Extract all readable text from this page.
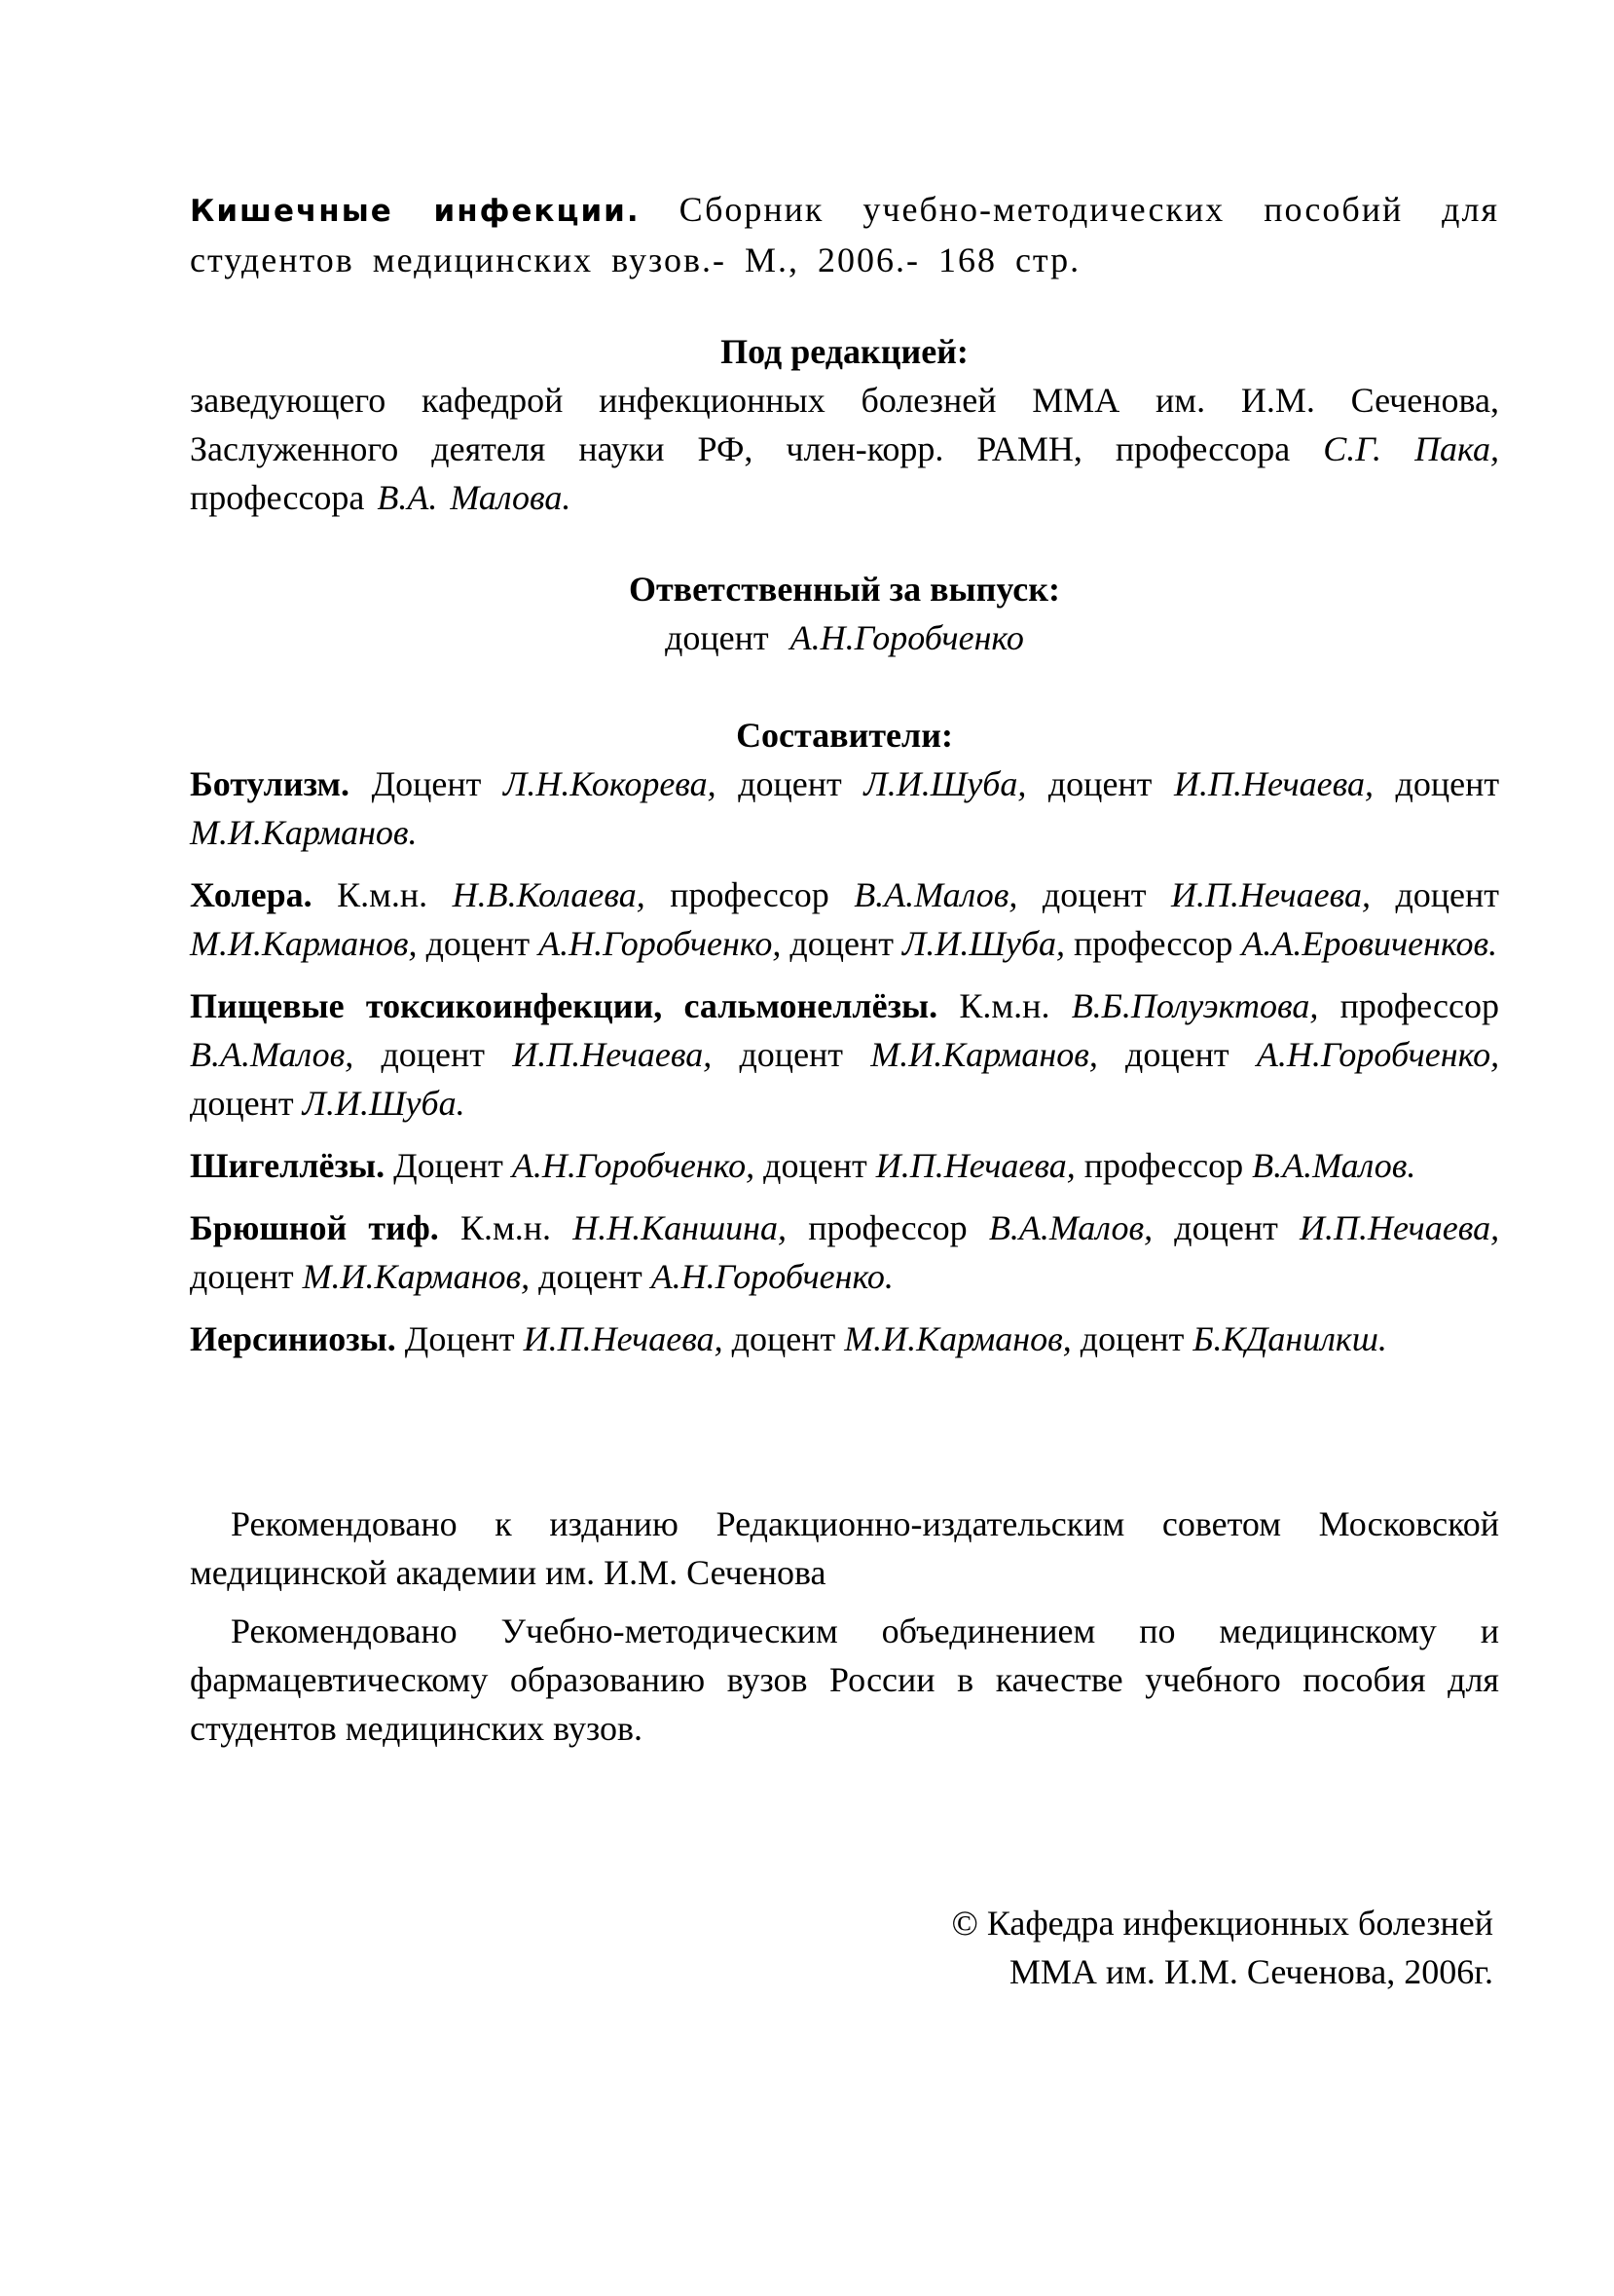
Кишечные инфекции. Сборник учебно-методических пособий для студентов медицинских вузов.- М., 2006.- 168 стр.
Под редакцией:
заведующего кафедрой инфекционных болезней ММА им. И.М. Сеченова, Заслуженного деятеля науки РФ, член-корр. РАМН, профессора С.Г. Пака, профессора В.А. Малова.
Ответственный за выпуск:
доцент А.Н.Горобченко
Составители:
Ботулизм. Доцент Л.Н.Кокорева, доцент Л.И.Шуба, доцент И.П.Нечаева, доцент М.И.Карманов.
Холера. К.м.н. Н.В.Колаева, профессор В.А.Малов, доцент И.П.Нечаева, доцент М.И.Карманов, доцент А.Н.Горобченко, доцент Л.И.Шуба, профессор А.А.Еровиченков.
Пищевые токсикоинфекции, сальмонеллёзы. К.м.н. В.Б.Полуэктова, профессор В.А.Малов, доцент И.П.Нечаева, доцент М.И.Карманов, доцент А.Н.Горобченко, доцент Л.И.Шуба.
Шигеллёзы. Доцент А.Н.Горобченко, доцент И.П.Нечаева, профессор В.А.Малов.
Брюшной тиф. К.м.н. Н.Н.Каншина, профессор В.А.Малов, доцент И.П.Нечаева, доцент М.И.Карманов, доцент А.Н.Горобченко.
Иерсиниозы. Доцент И.П.Нечаева, доцент М.И.Карманов, доцент Б.КДанилкш.
Рекомендовано к изданию Редакционно-издательским советом Московской медицинской академии им. И.М. Сеченова
Рекомендовано Учебно-методическим объединением по медицинскому и фармацевтическому образованию вузов России в качестве учебного пособия для студентов медицинских вузов.
© Кафедра инфекционных болезней
ММА им. И.М. Сеченова, 2006г.
